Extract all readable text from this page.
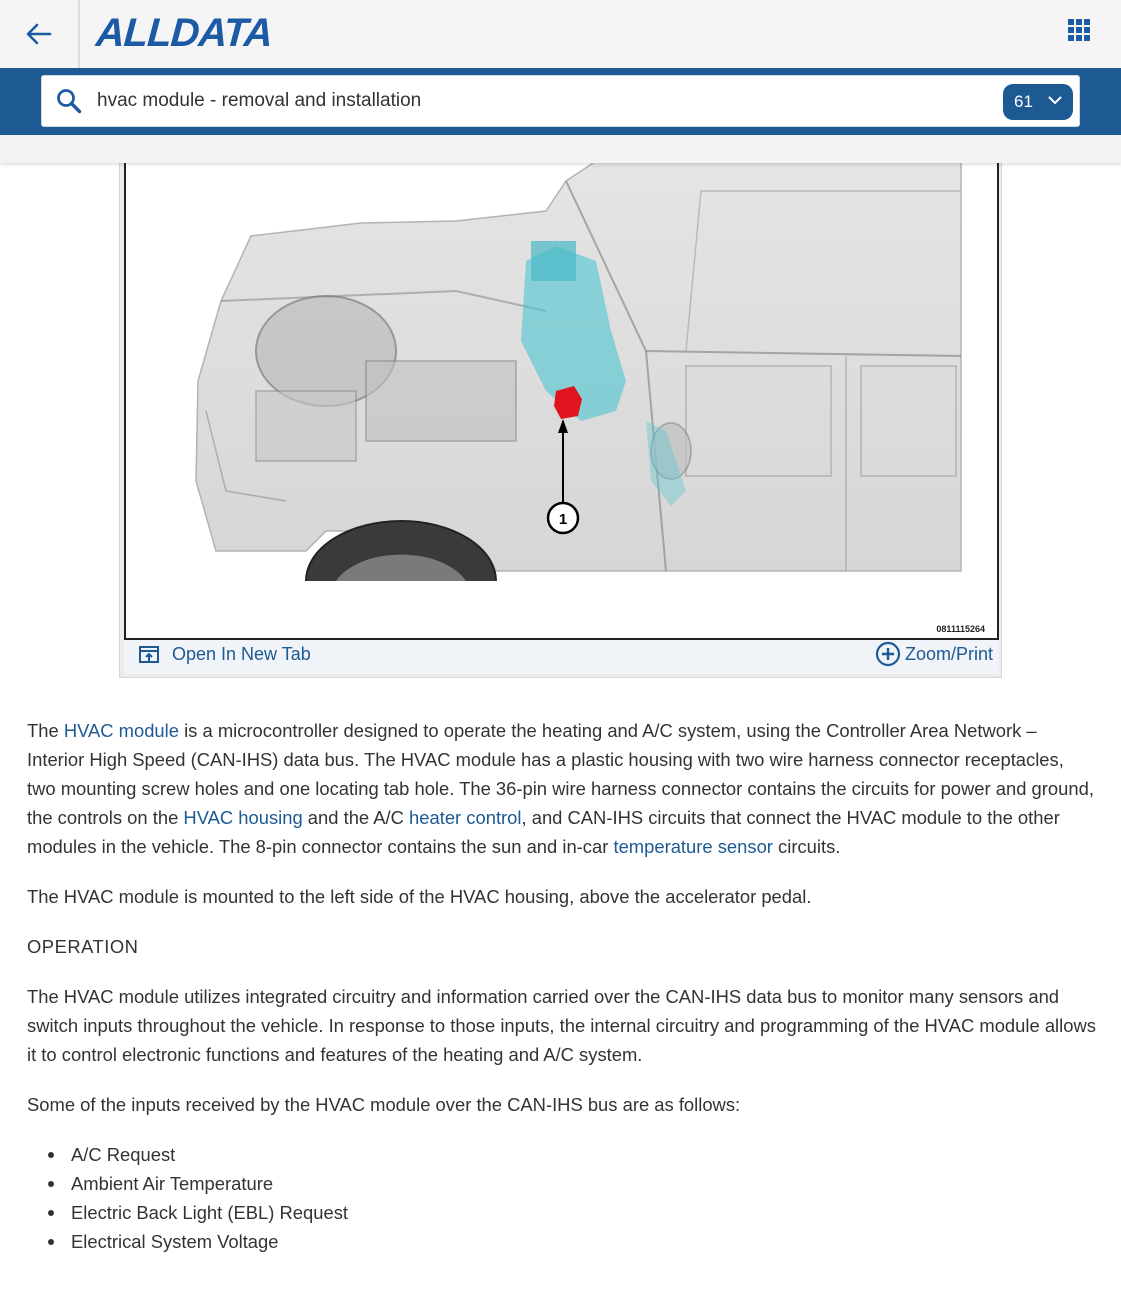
ALLDATA
hvac module - removal and installation
61
1
0811115264
Open In New Tab	Zoom/Print

The HVAC module is a microcontroller designed to operate the heating and A/C system, using the Controller Area Network – Interior High Speed (CAN-IHS) data bus. The HVAC module has a plastic housing with two wire harness connector receptacles, two mounting screw holes and one locating tab hole. The 36-pin wire harness connector contains the circuits for power and ground, the controls on the HVAC housing and the A/C heater control, and CAN-IHS circuits that connect the HVAC module to the other modules in the vehicle. The 8-pin connector contains the sun and in-car temperature sensor circuits.

The HVAC module is mounted to the left side of the HVAC housing, above the accelerator pedal.

OPERATION

The HVAC module utilizes integrated circuitry and information carried over the CAN-IHS data bus to monitor many sensors and switch inputs throughout the vehicle. In response to those inputs, the internal circuitry and programming of the HVAC module allows it to control electronic functions and features of the heating and A/C system.

Some of the inputs received by the HVAC module over the CAN-IHS bus are as follows:

A/C Request
Ambient Air Temperature
Electric Back Light (EBL) Request
Electrical System Voltage
